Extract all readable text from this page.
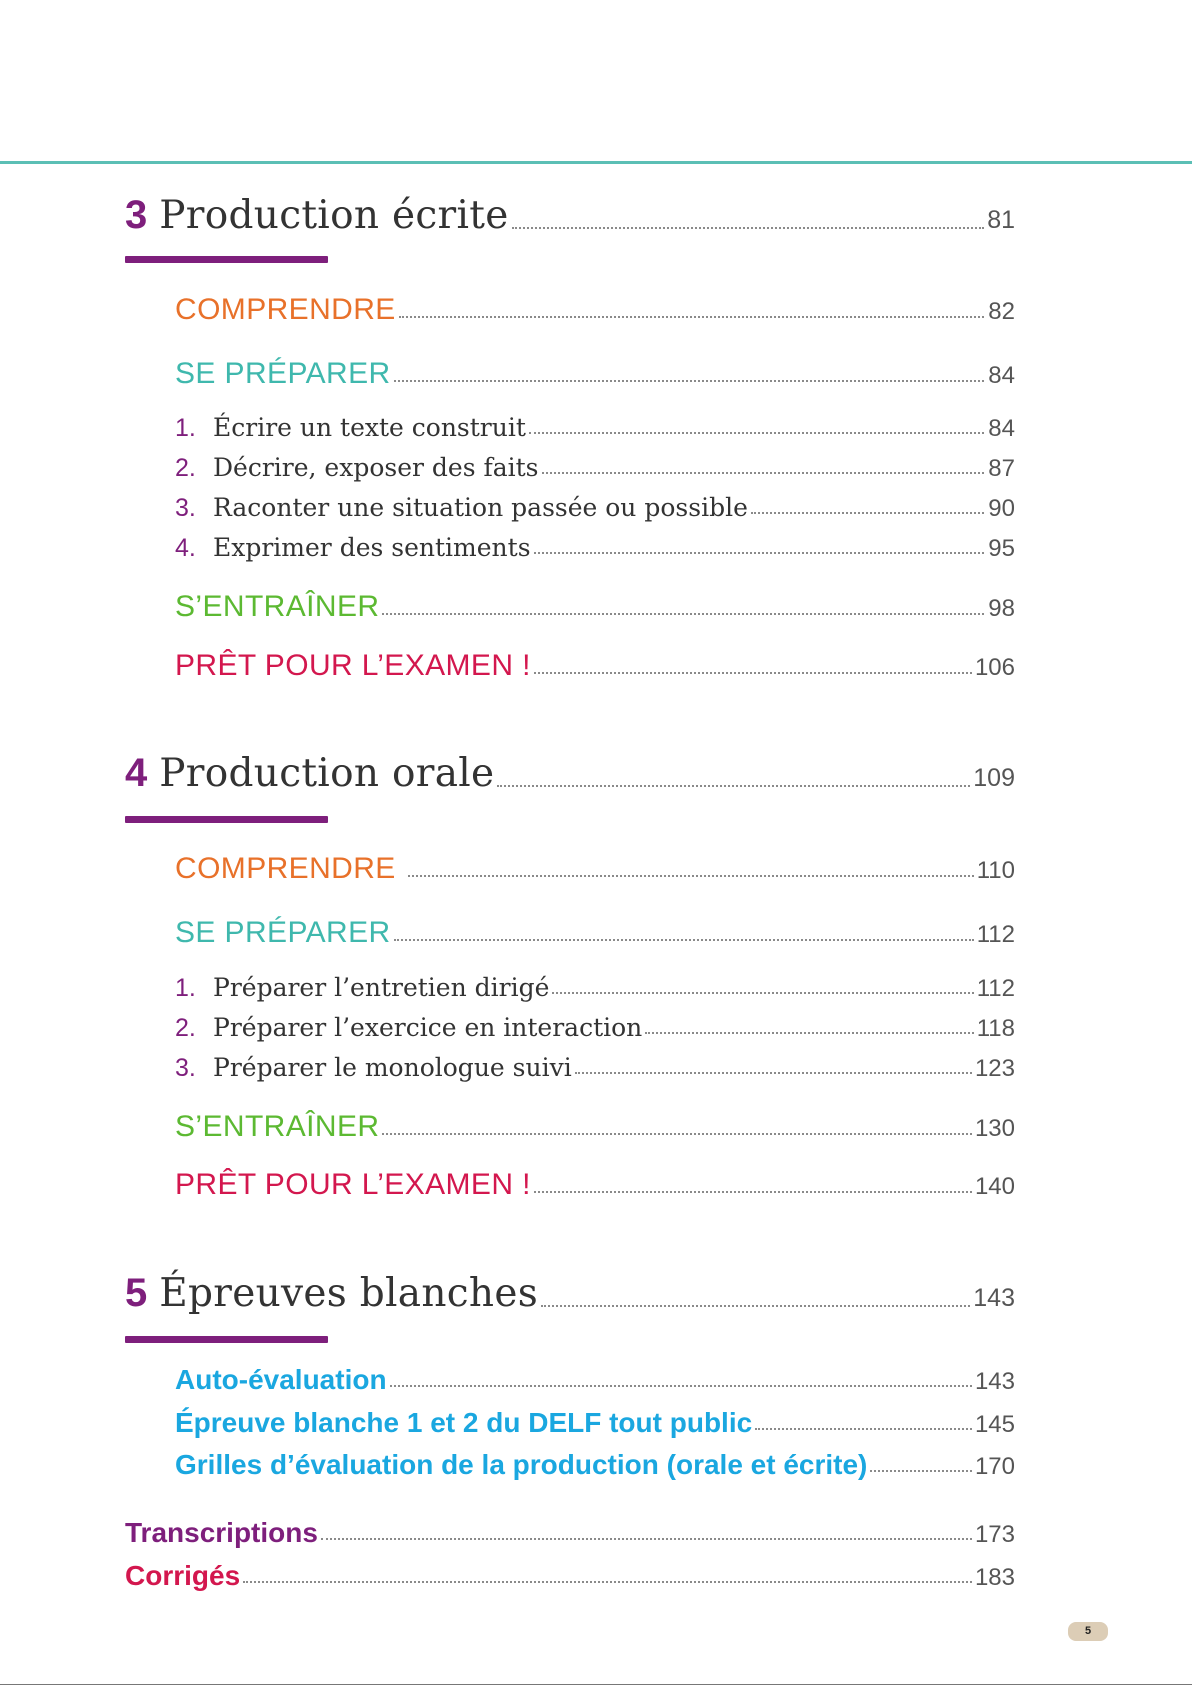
3 Production écrite	81
COMPRENDRE	82
SE PRÉPARER	84
1. Écrire un texte construit	84
2. Décrire, exposer des faits	87
3. Raconter une situation passée ou possible	90
4. Exprimer des sentiments	95
S’ENTRAÎNER	98
PRÊT POUR L’EXAMEN !	106
4 Production orale	109
COMPRENDRE	110
SE PRÉPARER	112
1. Préparer l’entretien dirigé	112
2. Préparer l’exercice en interaction	118
3. Préparer le monologue suivi	123
S’ENTRAÎNER	130
PRÊT POUR L’EXAMEN !	140
5 Épreuves blanches	143
Auto-évaluation	143
Épreuve blanche 1 et 2 du DELF tout public	145
Grilles d’évaluation de la production (orale et écrite)	170
Transcriptions	173
Corrigés	183
5
